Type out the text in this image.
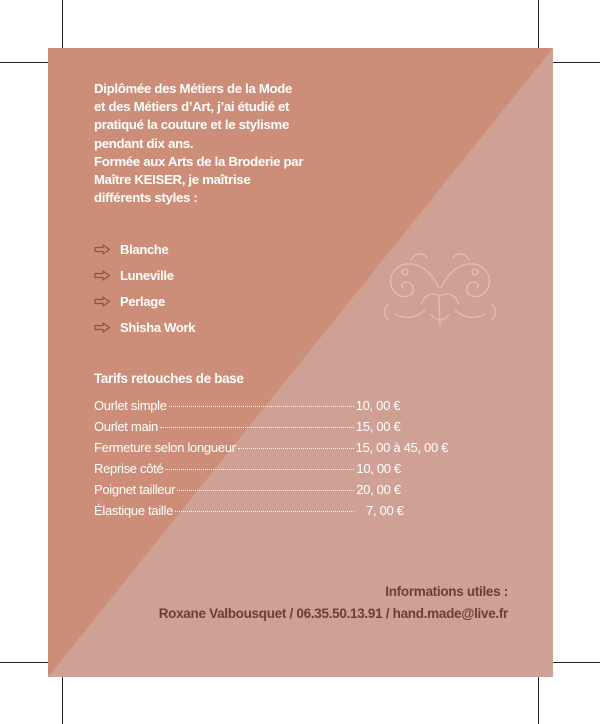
Diplômée des Métiers de la Mode

et des Métiers d’Art, j’ai étudié et

pratiqué la couture et le stylisme

pendant dix ans.

Formée aux Arts de la Broderie par

Maître KEISER, je maîtrise

différents styles :

Blanche
Luneville
Perlage
Shisha Work
Tarifs retouches de base
Ourlet simple	10, 00 €
Ourlet main	15, 00 €
Fermeture selon longueur	15, 00 à 45, 00 €
Reprise côté	10, 00 €
Poignet tailleur	20, 00 €
Élastique taille	7, 00 €
Informations utiles :
Roxane Valbousquet / 06.35.50.13.91 / hand.made@live.fr
